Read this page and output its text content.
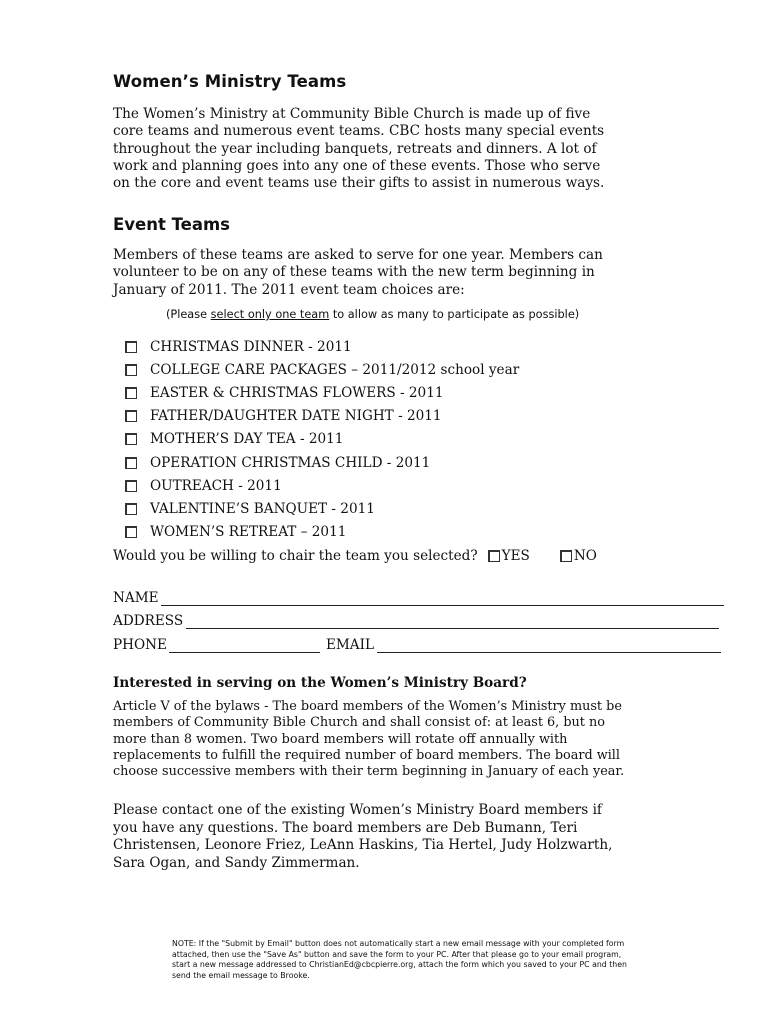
Women’s Ministry Teams

The Women’s Ministry at Community Bible Church is made up of five

core teams and numerous event teams. CBC hosts many special events

throughout the year including banquets, retreats and dinners. A lot of

work and planning goes into any one of these events. Those who serve

on the core and event teams use their gifts to assist in numerous ways.

Event Teams

Members of these teams are asked to serve for one year. Members can

volunteer to be on any of these teams with the new term beginning in

January of 2011. The 2011 event team choices are:

(Please select only one team to allow as many to participate as possible)
CHRISTMAS DINNER - 2011
COLLEGE CARE PACKAGES – 2011/2012 school year
EASTER & CHRISTMAS FLOWERS - 2011
FATHER/DAUGHTER DATE NIGHT - 2011
MOTHER’S DAY TEA - 2011
OPERATION CHRISTMAS CHILD - 2011
OUTREACH - 2011
VALENTINE’S BANQUET - 2011
WOMEN’S RETREAT – 2011
Would you be willing to chair the team you selected? YES	NO
NAME
ADDRESS
PHONE	EMAIL
Interested in serving on the Women’s Ministry Board?

Article V of the bylaws - The board members of the Women’s Ministry must be

members of Community Bible Church and shall consist of: at least 6, but no

more than 8 women. Two board members will rotate off annually with

replacements to fulfill the required number of board members. The board will

choose successive members with their term beginning in January of each year.

Please contact one of the existing Women’s Ministry Board members if

you have any questions. The board members are Deb Bumann, Teri

Christensen, Leonore Friez, LeAnn Haskins, Tia Hertel, Judy Holzwarth,

Sara Ogan, and Sandy Zimmerman.

NOTE: If the "Submit by Email" button does not automatically start a new email message with your completed form

attached, then use the "Save As" button and save the form to your PC. After that please go to your email program,

start a new message addressed to ChristianEd@cbcpierre.org, attach the form which you saved to your PC and then

send the email message to Brooke.
